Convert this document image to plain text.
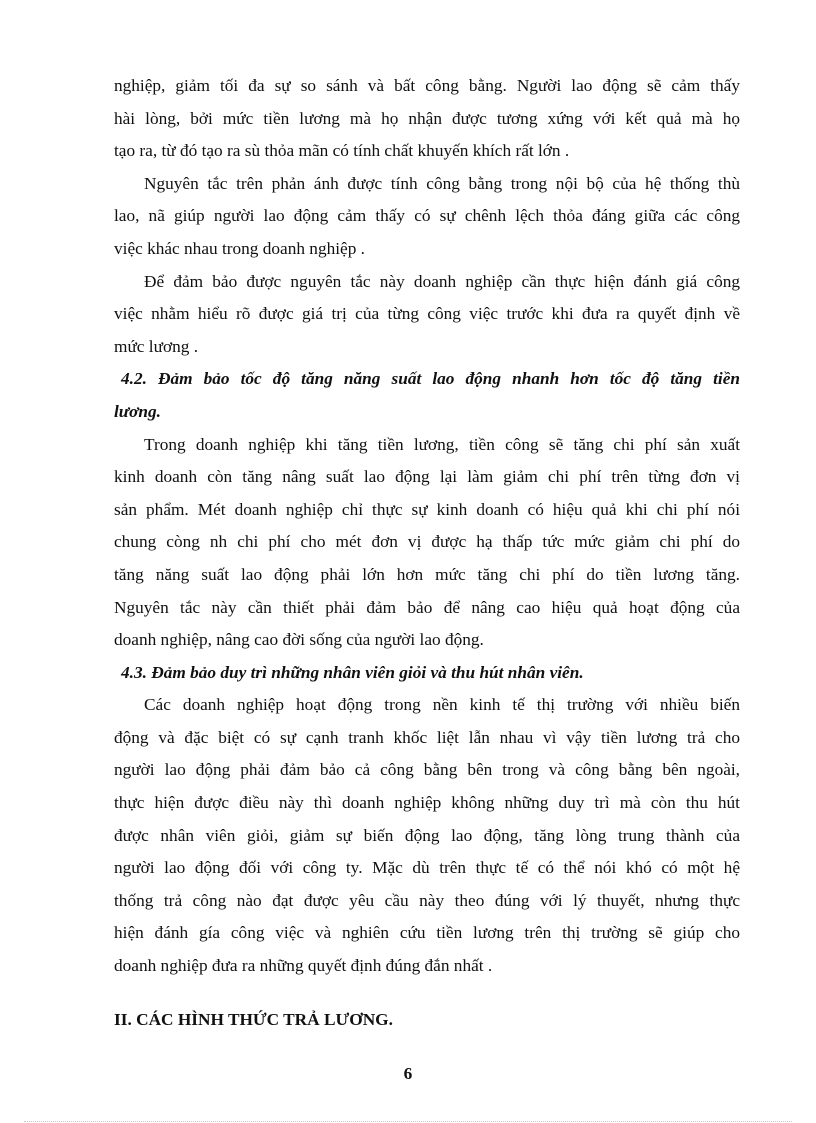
nghiệp, giảm tối đa sự so sánh và bất công bằng. Người lao động sẽ cảm thấy
hài lòng, bởi mức tiền lương mà họ nhận được tương xứng với kết quả mà họ
tạo ra, từ đó tạo ra sù thỏa mãn có tính chất khuyến khích rất lớn .
Nguyên tắc trên phản ánh được tính công bằng trong nội bộ của hệ thống thù
lao, nã giúp người lao động cảm thấy có sự chênh lệch thỏa đáng giữa các công
việc khác nhau trong doanh nghiệp .
Để đảm bảo được nguyên tắc này doanh nghiệp cần thực hiện đánh giá công
việc nhằm hiểu rõ được giá trị của từng công việc trước khi đưa ra quyết định về
mức lương .
4.2. Đảm bảo tốc độ tăng năng suất lao động nhanh hơn tốc độ tăng tiền
lương.
Trong doanh nghiệp khi tăng tiền lương, tiền công sẽ tăng chi phí sản xuất
kinh doanh còn tăng nâng suất lao động lại làm giảm chi phí trên từng đơn vị
sản phẩm. Mét doanh nghiệp chỉ thực sự kinh doanh có hiệu quả khi chi phí nói
chung còng nh chi phí cho mét đơn vị được hạ thấp tức mức giảm chi phí do
tăng năng suất lao động phải lớn hơn mức tăng chi phí do tiền lương tăng.
Nguyên tắc này cần thiết phải đảm bảo để nâng cao hiệu quả hoạt động của
doanh nghiệp, nâng cao đời sống của người lao động.
4.3. Đảm bảo duy trì những nhân viên giỏi và thu hút nhân viên.
Các doanh nghiệp hoạt động trong nền kinh tế thị trường với nhiều biến
động và đặc biệt có sự cạnh tranh khốc liệt lẫn nhau vì vậy tiền lương trả cho
người lao động phải đảm bảo cả công bằng bên trong và công bằng bên ngoài,
thực hiện được điều này thì doanh nghiệp không những duy trì mà còn thu hút
được nhân viên giỏi, giảm sự biến động lao động, tăng lòng trung thành của
người lao động đối với công ty. Mặc dù trên thực tế có thể nói khó có một hệ
thống trả công nào đạt được yêu cầu này theo đúng với lý thuyết, nhưng thực
hiện đánh gía công việc và nghiên cứu tiền lương trên thị trường sẽ giúp cho
doanh nghiệp đưa ra những quyết định đúng đắn nhất .
II. CÁC HÌNH THỨC TRẢ LƯƠNG.
6
